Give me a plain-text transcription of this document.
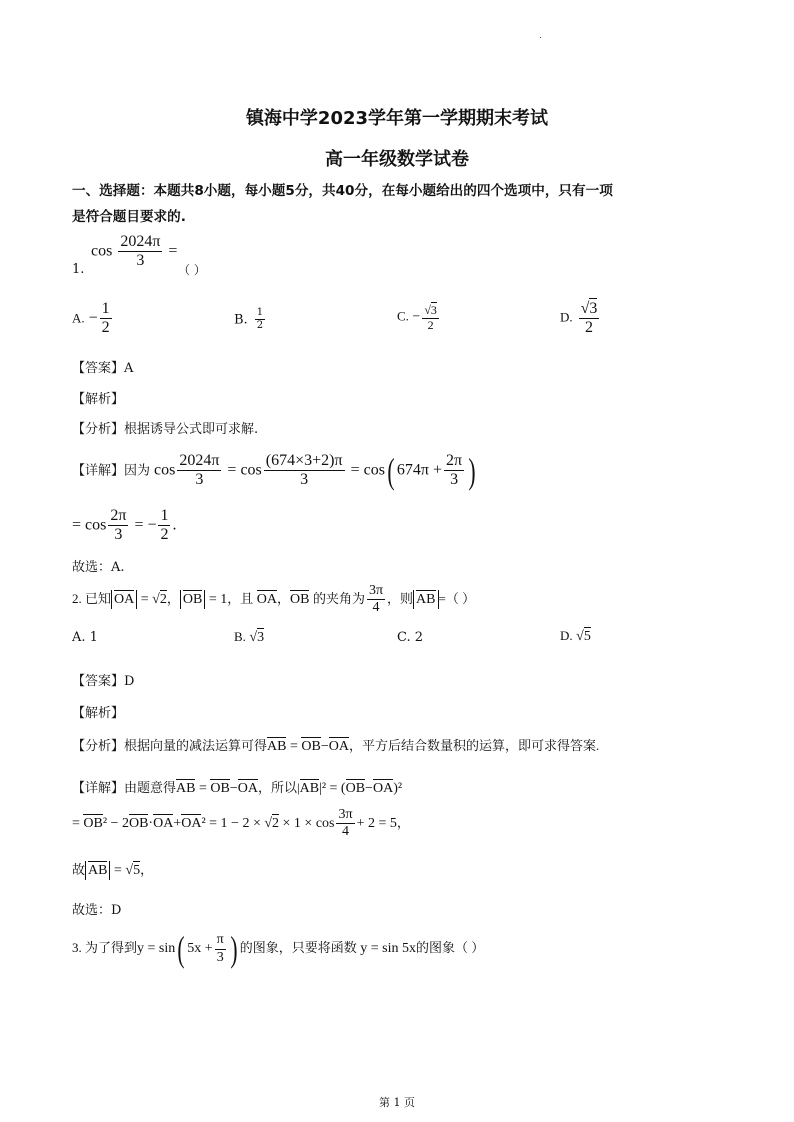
镇海中学2023学年第一学期期末考试
高一年级数学试卷
一、选择题：本题共8小题，每小题5分，共40分，在每小题给出的四个选项中，只有一项
是符合题目要求的.
$\cos \frac{2024\pi}{3}$ =
1.	（ ）
A. − $\frac{1}{2}$	B. $\frac{1}{2}$	C. − $\frac{√3}{2}$	D. $\frac{√3}{2}$
【答案】A
【解析】
【分析】根据诱导公式即可求解.
【详解】因为 $\cos \frac{2024\pi}{3} = \cos \frac{(674\times 3+2)\pi}{3} = \cos$( $674\pi + \frac{2\pi}{3}$ )
= $\cos \frac{2\pi}{3}$ = − $\frac{1}{2}$ .
故选：A.
2. 已知 OA = √2， OB = 1，且 OA，OB 的夹角为 $\frac{3\pi}{4}$ ，则 AB =（ ）
A. 1	B. √3	C. 2	D. √5
【答案】D
【解析】
【分析】根据向量的减法运算可得AB = OB−OA，平方后结合数量积的运算，即可求得答案.
【详解】由题意得AB = OB−OA，所以|AB|² = (OB−OA)²
= $OB^2 - 2OB\cdot OA+OA^2 = 1 - 2 \times √2 \times 1 \times \cos \frac{3\pi}{4} + 2 = 5$，
故 AB = √5，
故选：D
3. 为了得到y = sin( $5x + \frac{\pi}{3}$ ) 的图象，只要将函数 y = sin 5x的图象（ ）
第 1 页
